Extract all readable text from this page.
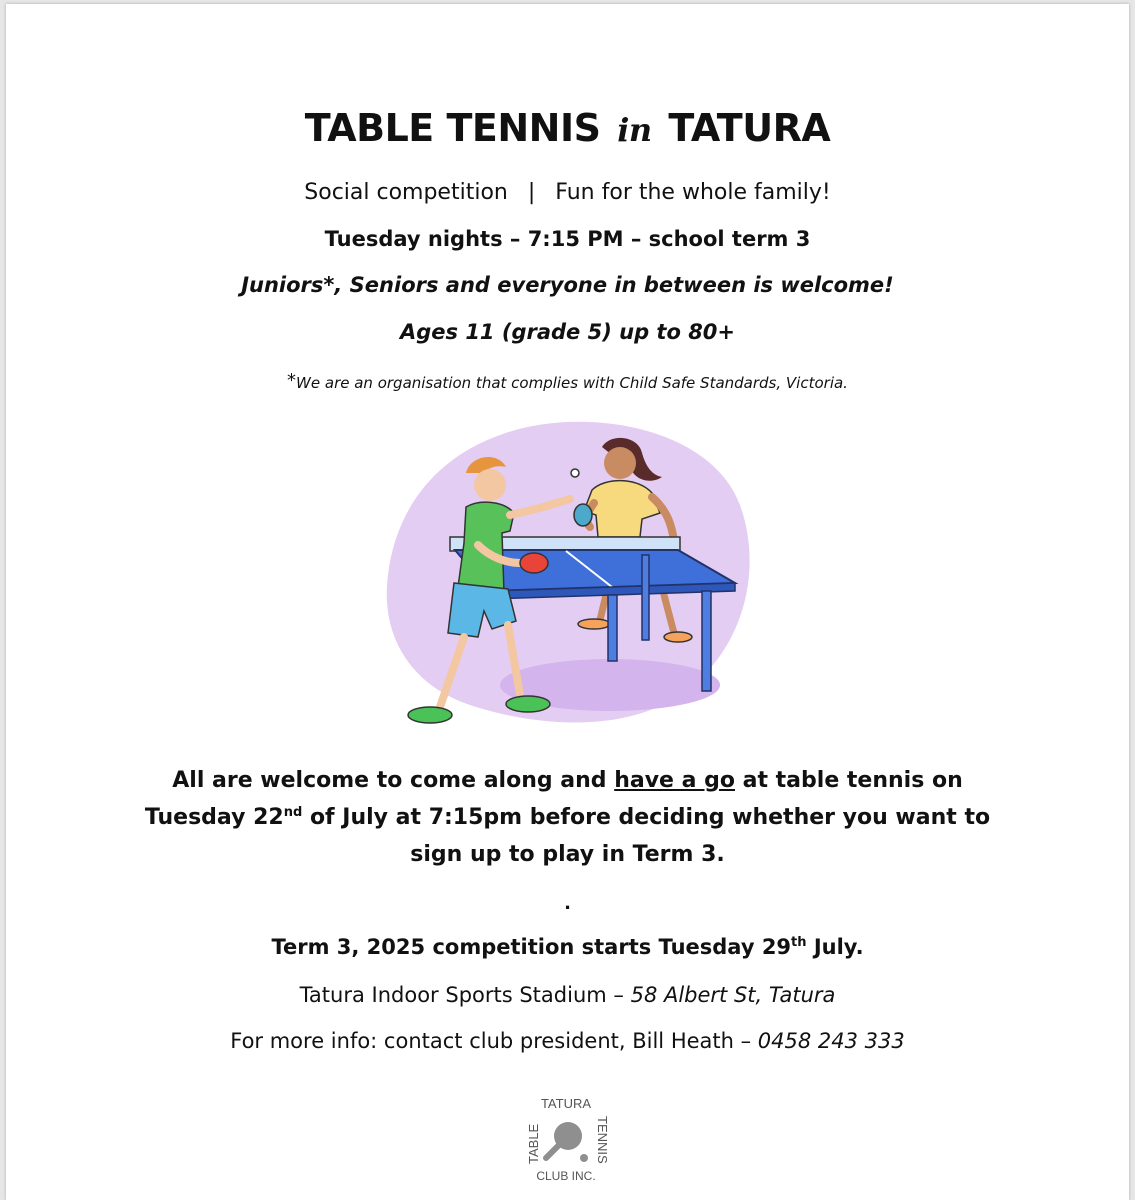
TABLE TENNIS in TATURA
Social competition | Fun for the whole family!
Tuesday nights – 7:15 PM – school term 3
Juniors*, Seniors and everyone in between is welcome!
Ages 11 (grade 5) up to 80+
*We are an organisation that complies with Child Safe Standards, Victoria.
All are welcome to come along and have a go at table tennis on Tuesday 22nd of July at 7:15pm before deciding whether you want to sign up to play in Term 3.
.
Term 3, 2025 competition starts Tuesday 29th July.
Tatura Indoor Sports Stadium – 58 Albert St, Tatura
For more info: contact club president, Bill Heath – 0458 243 333
TATURA
TABLE	TENNIS
CLUB INC.
